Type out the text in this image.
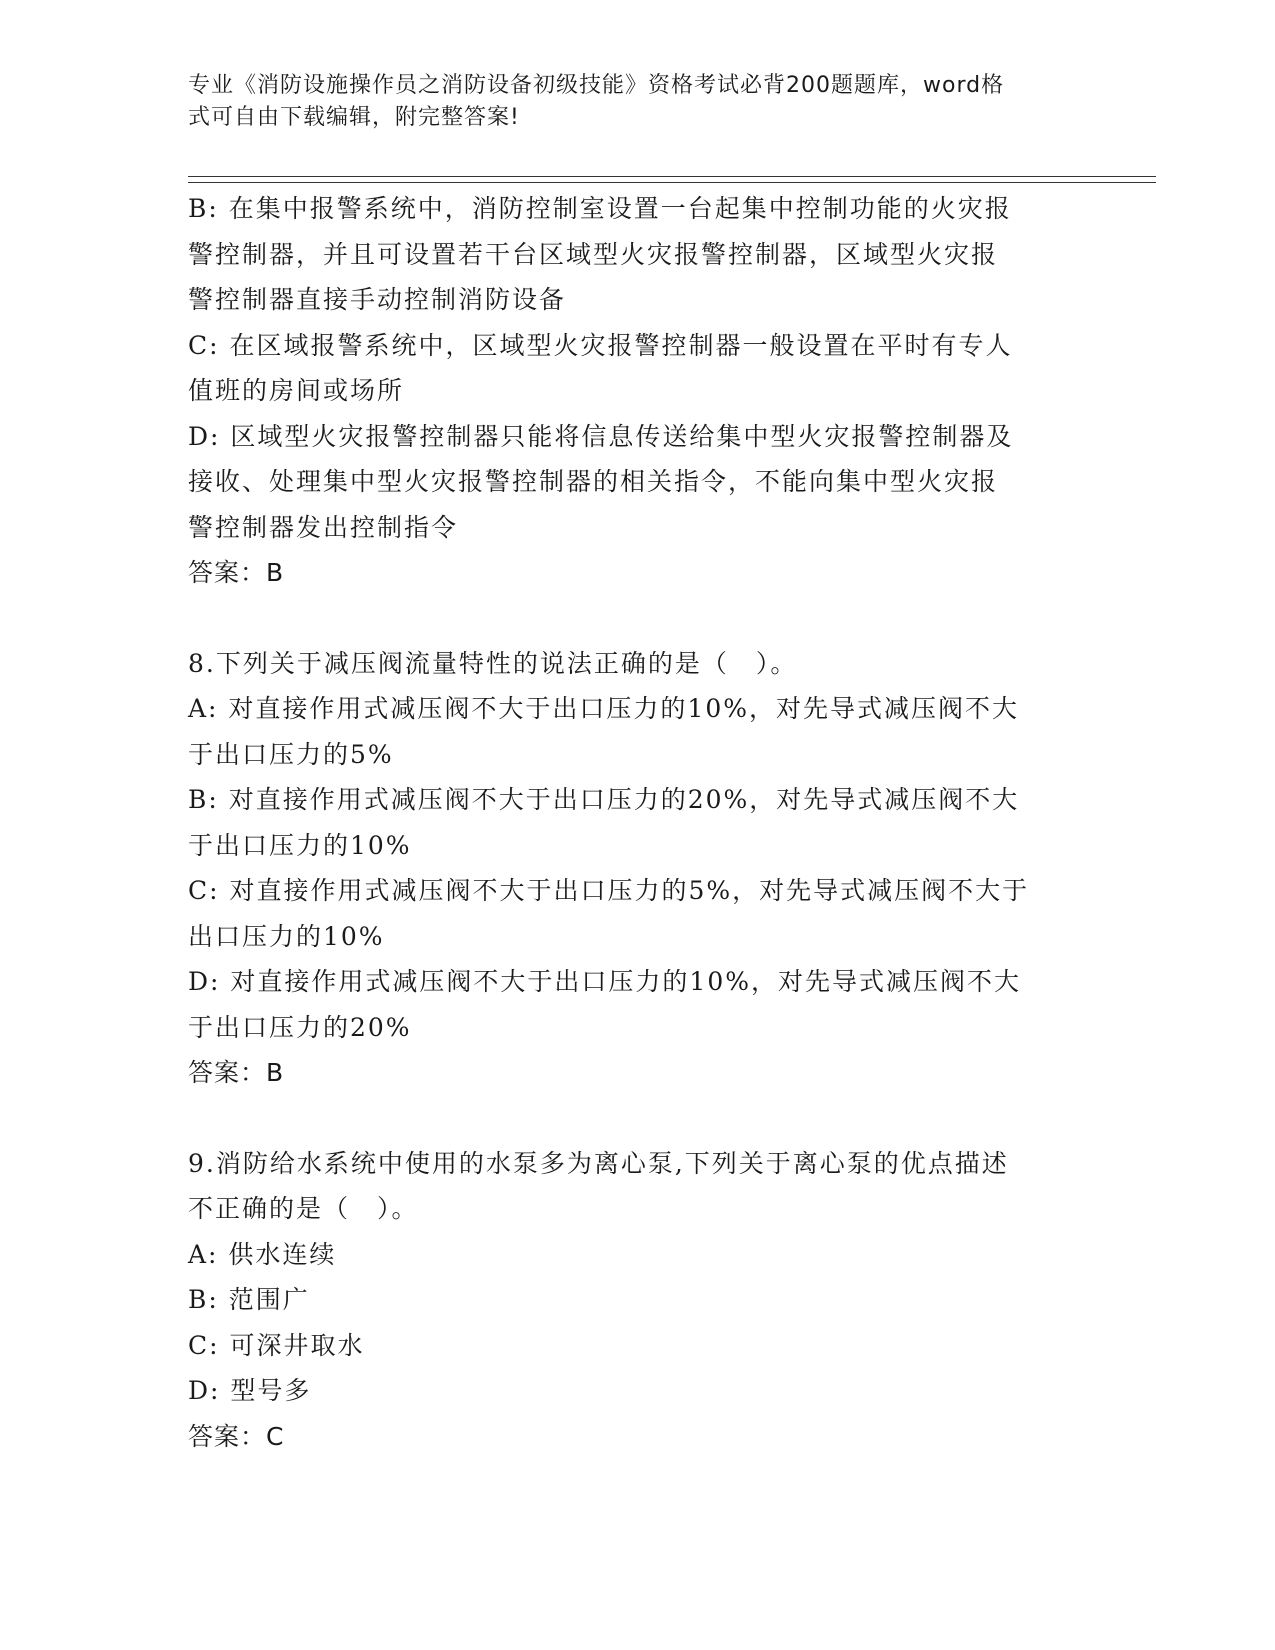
专业《消防设施操作员之消防设备初级技能》资格考试必背200题题库，word格
式可自由下载编辑，附完整答案!
B: 在集中报警系统中，消防控制室设置一台起集中控制功能的火灾报
警控制器，并且可设置若干台区域型火灾报警控制器，区域型火灾报
警控制器直接手动控制消防设备
C: 在区域报警系统中，区域型火灾报警控制器一般设置在平时有专人
值班的房间或场所
D: 区域型火灾报警控制器只能将信息传送给集中型火灾报警控制器及
接收、处理集中型火灾报警控制器的相关指令，不能向集中型火灾报
警控制器发出控制指令
答案：B
8.下列关于减压阀流量特性的说法正确的是（　）。
A: 对直接作用式减压阀不大于出口压力的10%，对先导式减压阀不大
于出口压力的5%
B: 对直接作用式减压阀不大于出口压力的20%，对先导式减压阀不大
于出口压力的10%
C: 对直接作用式减压阀不大于出口压力的5%，对先导式减压阀不大于
出口压力的10%
D: 对直接作用式减压阀不大于出口压力的10%，对先导式减压阀不大
于出口压力的20%
答案：B
9.消防给水系统中使用的水泵多为离心泵,下列关于离心泵的优点描述
不正确的是（　）。
A: 供水连续
B: 范围广
C: 可深井取水
D: 型号多
答案：C
